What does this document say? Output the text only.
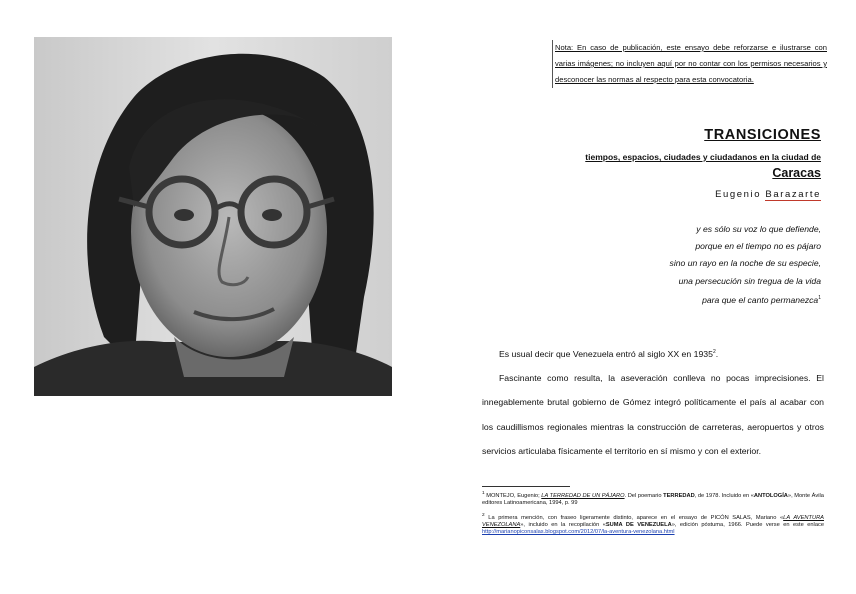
Nota: En caso de publicación, este ensayo debe reforzarse e ilustrarse con varias imágenes; no incluyen aquí por no contar con los permisos necesarios y desconocer las normas al respecto para esta convocatoria.
TRANSICIONES
tiempos, espacios, ciudades y ciudadanos en la ciudad de
Caracas
Eugenio Barazarte
y es sólo su voz lo que defiende,
porque en el tiempo no es pájaro
sino un rayo en la noche de su especie,
una persecución sin tregua de la vida
para que el canto permanezca$^1$

Es usual decir que Venezuela entró al siglo XX en 1935$^2$.

Fascinante como resulta, la aseveración conlleva no pocas imprecisiones. El innegablemente brutal gobierno de Gómez integró políticamente el país al acabar con los caudillismos regionales mientras la construcción de carreteras, aeropuertos y otros servicios articulaba físicamente el territorio en sí mismo y con el exterior.

$^1$ MONTEJO, Eugenio; LA TERREDAD DE UN PÁJARO. Del poemario TERREDAD, de 1978. Incluido en «ANTOLOGÍA», Monte Ávila editores Latinoamericana, 1994, p. 99

$^2$ La primera mención, con fraseo ligeramente distinto, aparece en el ensayo de PICÓN SALAS, Mariano «LA AVENTURA VENEZOLANA», incluido en la recopilación «SUMA DE VENEZUELA», edición póstuma, 1966. Puede verse en este enlace http://marianopiconsalas.blogspot.com/2012/07/la-aventura-venezolana.html
